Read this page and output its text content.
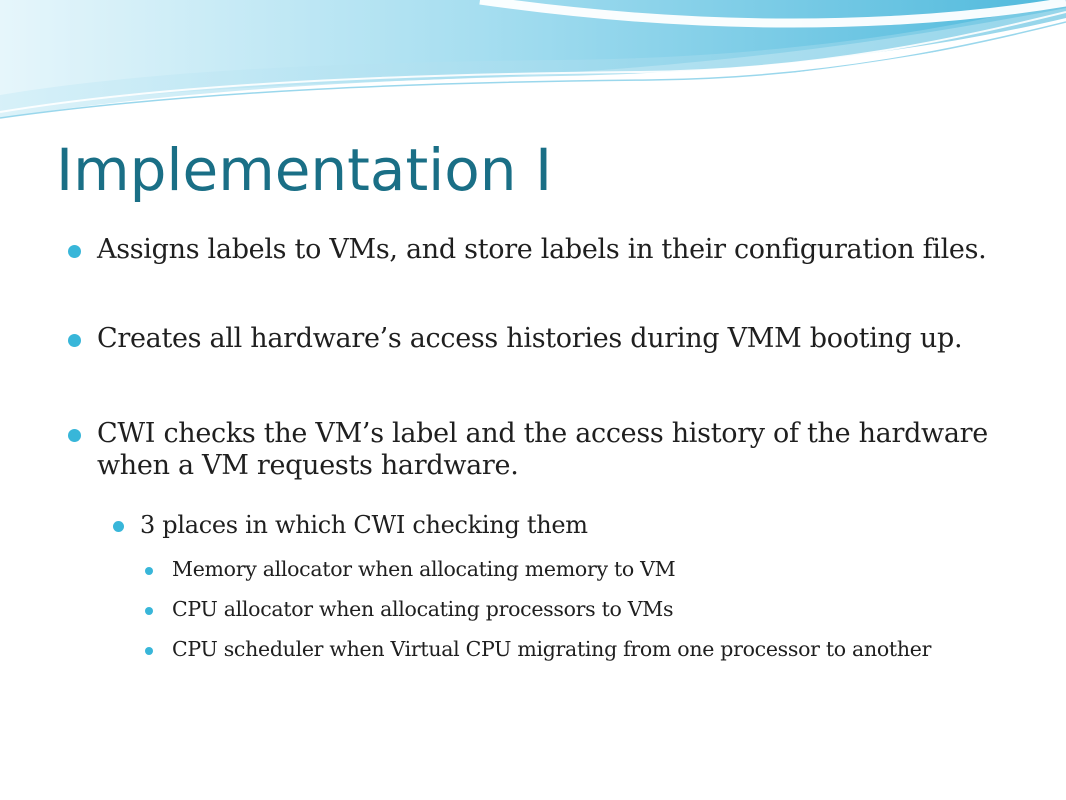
Implementation I
Assigns labels to VMs, and store labels in their configuration files.
Creates all hardware’s access histories during VMM booting up.
CWI checks the VM’s label and the access history of the hardware when a VM requests hardware.
3 places in which CWI checking them
Memory allocator when allocating memory to VM
CPU allocator when allocating processors to VMs
CPU scheduler when Virtual CPU migrating from one processor to another
